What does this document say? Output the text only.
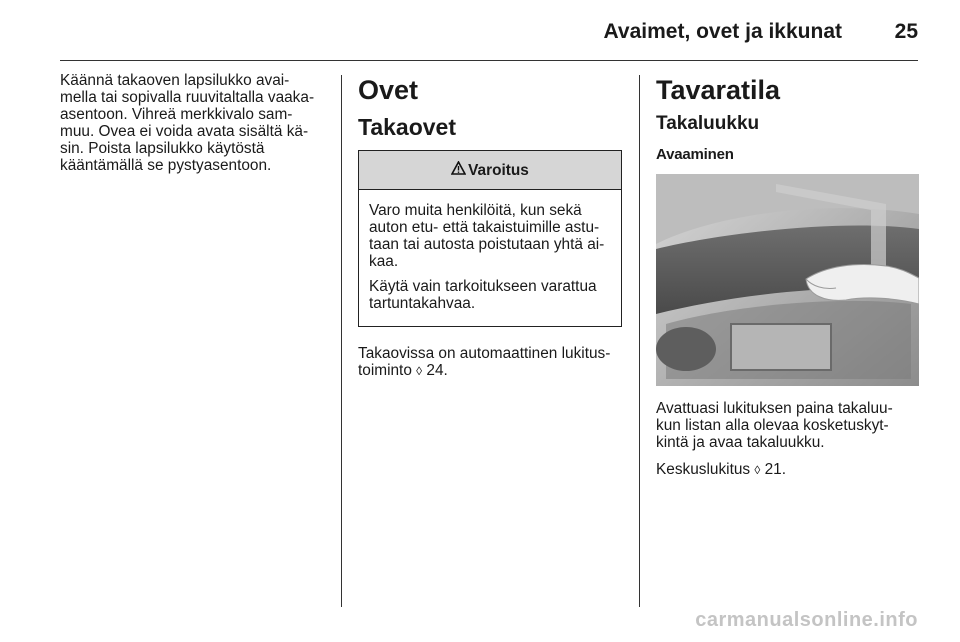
Avaimet, ovet ja ikkunat	25

Käännä takaoven lapsilukko avai-
mella tai sopivalla ruuvitaltalla vaaka-
asentoon. Vihreä merkkivalo sam-
muu. Ovea ei voida avata sisältä kä-
sin. Poista lapsilukko käytöstä
kääntämällä se pystyasentoon.

Ovet
Takaovet
Varoitus

Varo muita henkilöitä, kun sekä
auton etu- että takaistuimille astu-
taan tai autosta poistutaan yhtä ai-
kaa.

Käytä vain tarkoitukseen varattua
tartuntakahvaa.

Takaovissa on automaattinen lukitus-
toiminto ◊ 24.

Tavaratila
Takaluukku
Avaaminen

Avattuasi lukituksen paina takaluu-
kun listan alla olevaa kosketuskyt-
kintä ja avaa takaluukku.

Keskuslukitus ◊ 21.

carmanualsonline.info
